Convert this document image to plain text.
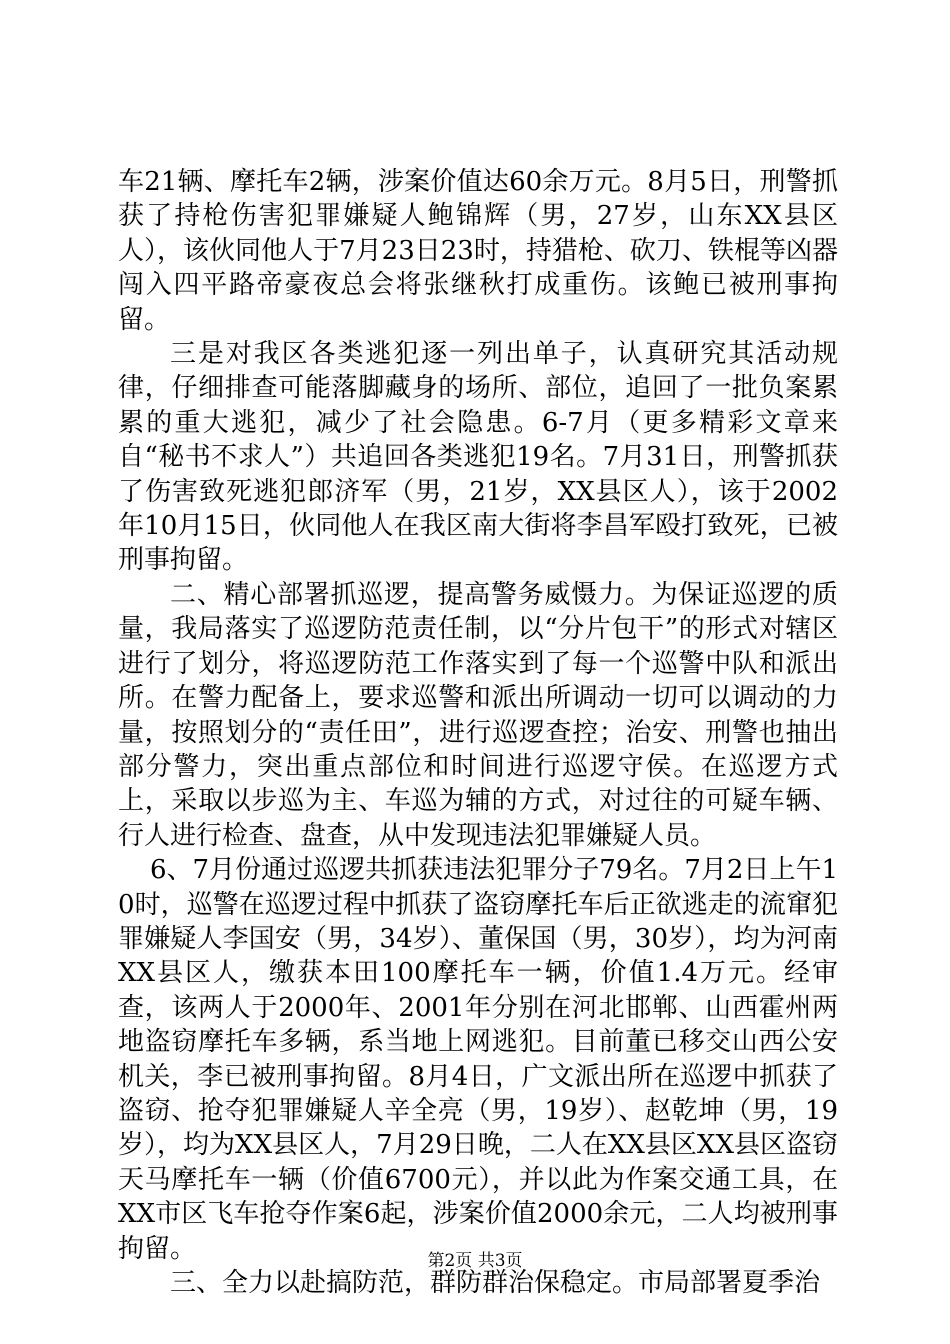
车21辆、摩托车2辆，涉案价值达60余万元。8月5日，刑警抓获了持枪伤害犯罪嫌疑人鲍锦辉（男，27岁，山东XX县区人），该伙同他人于7月23日23时，持猎枪、砍刀、铁棍等凶器闯入四平路帝豪夜总会将张继秋打成重伤。该鲍已被刑事拘留。

三是对我区各类逃犯逐一列出单子，认真研究其活动规律，仔细排查可能落脚藏身的场所、部位，追回了一批负案累累的重大逃犯，减少了社会隐患。6-7月（更多精彩文章来自“秘书不求人”）共追回各类逃犯19名。7月31日，刑警抓获了伤害致死逃犯郎济军（男，21岁，XX县区人），该于2002年10月15日，伙同他人在我区南大街将李昌军殴打致死，已被刑事拘留。

二、精心部署抓巡逻，提高警务威慑力。为保证巡逻的质量，我局落实了巡逻防范责任制，以“分片包干”的形式对辖区进行了划分，将巡逻防范工作落实到了每一个巡警中队和派出所。在警力配备上，要求巡警和派出所调动一切可以调动的力量，按照划分的“责任田”，进行巡逻查控；治安、刑警也抽出部分警力，突出重点部位和时间进行巡逻守侯。在巡逻方式上，采取以步巡为主、车巡为辅的方式，对过往的可疑车辆、行人进行检查、盘查，从中发现违法犯罪嫌疑人员。

6、7月份通过巡逻共抓获违法犯罪分子79名。7月2日上午10时，巡警在巡逻过程中抓获了盗窃摩托车后正欲逃走的流窜犯罪嫌疑人李国安（男，34岁）、董保国（男，30岁），均为河南XX县区人，缴获本田100摩托车一辆，价值1.4万元。经审查，该两人于2000年、2001年分别在河北邯郸、山西霍州两地盗窃摩托车多辆，系当地上网逃犯。目前董已移交山西公安机关，李已被刑事拘留。8月4日，广文派出所在巡逻中抓获了盗窃、抢夺犯罪嫌疑人辛全亮（男，19岁）、赵乾坤（男，19岁），均为XX县区人，7月29日晚，二人在XX县区XX县区盗窃天马摩托车一辆（价值6700元），并以此为作案交通工具，在XX市区飞车抢夺作案6起，涉案价值2000余元，二人均被刑事拘留。

三、全力以赴搞防范，群防群治保稳定。市局部署夏季治

第2页 共3页
